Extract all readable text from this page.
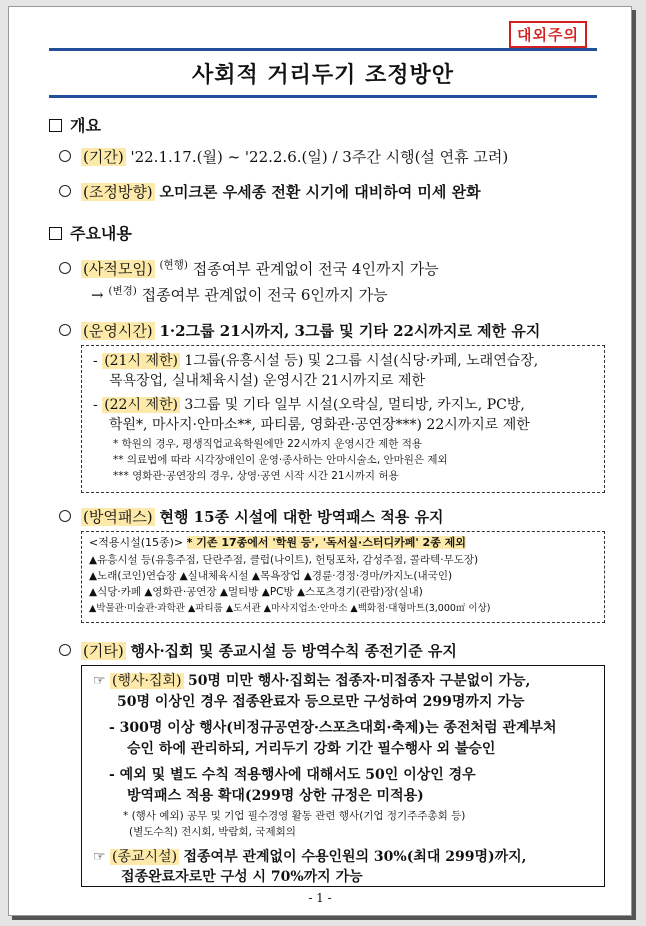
대외주의
사회적 거리두기 조정방안
개요
(기간) '22.1.17.(월) ~ '22.2.6.(일) / 3주간 시행(설 연휴 고려)
(조정방향) 오미크론 우세종 전환 시기에 대비하여 미세 완화
주요내용
(사적모임) $^{(현행)}$ 접종여부 관계없이 전국 4인까지 가능
→ $^{(변경)}$ 접종여부 관계없이 전국 6인까지 가능
(운영시간) 1·2그룹 21시까지, 3그룹 및 기타 22시까지로 제한 유지
- (21시 제한) 1그룹(유흥시설 등) 및 2그룹 시설(식당·카페, 노래연습장,
목욕장업, 실내체육시설) 운영시간 21시까지로 제한
- (22시 제한) 3그룹 및 기타 일부 시설(오락실, 멀티방, 카지노, PC방,
학원*, 마사지·안마소**, 파티룸, 영화관·공연장***) 22시까지로 제한
* 학원의 경우, 평생직업교육학원에만 22시까지 운영시간 제한 적용
** 의료법에 따라 시각장애인이 운영·종사하는 안마시술소, 안마원은 제외
*** 영화관·공연장의 경우, 상영·공연 시작 시간 21시까지 허용
(방역패스) 현행 15종 시설에 대한 방역패스 적용 유지
<적용시설(15종)> * 기존 17종에서 '학원 등', '독서실·스터디카페' 2종 제외
▲유흥시설 등(유흥주점, 단란주점, 클럽(나이트), 헌팅포차, 감성주점, 콜라텍·무도장)
▲노래(코인)연습장 ▲실내체육시설 ▲목욕장업 ▲경륜·경정·경마/카지노(내국인)
▲식당·카페 ▲영화관·공연장 ▲멀티방 ▲PC방 ▲스포츠경기(관람)장(실내)
▲박물관·미술관·과학관 ▲파티룸 ▲도서관 ▲마사지업소·안마소 ▲백화점·대형마트(3,000㎡ 이상)
(기타) 행사·집회 및 종교시설 등 방역수칙 종전기준 유지
☞ (행사·집회) 50명 미만 행사·집회는 접종자·미접종자 구분없이 가능,
50명 이상인 경우 접종완료자 등으로만 구성하여 299명까지 가능
- 300명 이상 행사(비정규공연장·스포츠대회·축제)는 종전처럼 관계부처
승인 하에 관리하되, 거리두기 강화 기간 필수행사 외 불승인
- 예외 및 별도 수칙 적용행사에 대해서도 50인 이상인 경우
방역패스 적용 확대(299명 상한 규정은 미적용)
* (행사 예외) 공무 및 기업 필수경영 활동 관련 행사(기업 정기주주총회 등)
(별도수칙) 전시회, 박람회, 국제회의
☞ (종교시설) 접종여부 관계없이 수용인원의 30%(최대 299명)까지,
접종완료자로만 구성 시 70%까지 가능
- 1 -
